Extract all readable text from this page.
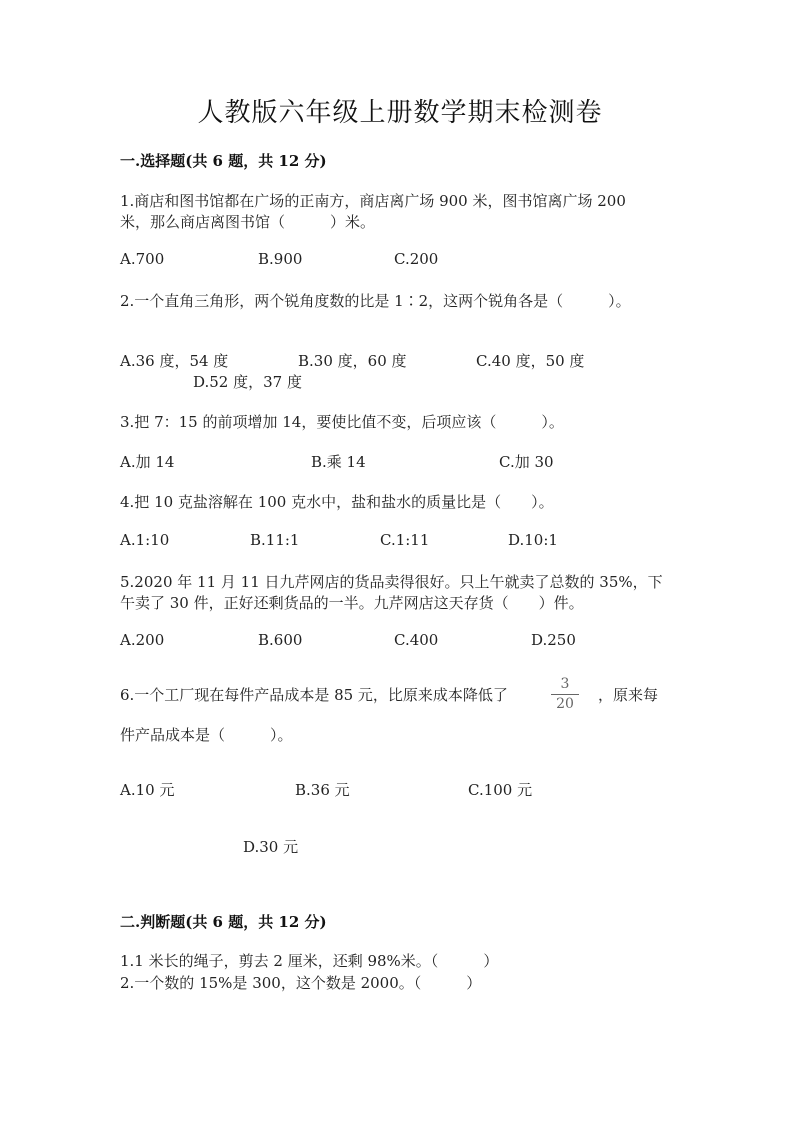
人教版六年级上册数学期末检测卷
一.选择题(共 6 题，共 12 分)
1.商店和图书馆都在广场的正南方，商店离广场 900 米，图书馆离广场 200
米，那么商店离图书馆（　　　）米。
A.700	B.900	C.200
2.一个直角三角形，两个锐角度数的比是 1∶2，这两个锐角各是（　　　）。
A.36 度，54 度	B.30 度，60 度	C.40 度，50 度
D.52 度，37 度
3.把 7：15 的前项增加 14，要使比值不变，后项应该（　　　）。
A.加 14	B.乘 14	C.加 30
4.把 10 克盐溶解在 100 克水中，盐和盐水的质量比是（　　）。
A.1:10	B.11:1	C.1:11	D.10:1
5.2020 年 11 月 11 日九芹网店的货品卖得很好。只上午就卖了总数的 35%，下
午卖了 30 件，正好还剩货品的一半。九芹网店这天存货（　　）件。
A.200	B.600	C.400	D.250
6.一个工厂现在每件产品成本是 85 元，比原来成本降低了
3
20	，原来每
件产品成本是（　　　）。
A.10 元	B.36 元	C.100 元
D.30 元
二.判断题(共 6 题，共 12 分)
1.1 米长的绳子，剪去 2 厘米，还剩 98%米。（　　　）
2.一个数的 15%是 300，这个数是 2000。（　　　）
